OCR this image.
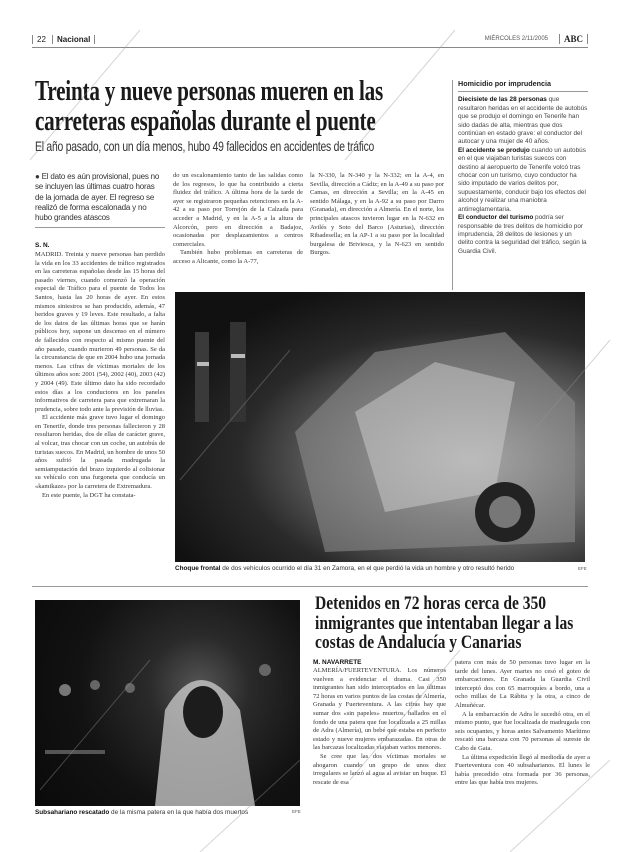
22	Nacional	MIÉRCOLES 2/11/2005	ABC
Treinta y nueve personas mueren en las carreteras españolas durante el puente
El año pasado, con un día menos, hubo 49 fallecidos en accidentes de tráfico
Homicidio por imprudencia

Diecisiete de las 28 personas que resultaron heridas en el accidente de autobús que se produjo el domingo en Tenerife han sido dadas de alta, mientras que dos continúan en estado grave: el conductor del autocar y una mujer de 40 años.

El accidente se produjo cuando un autobús en el que viajaban turistas suecos con destino al aeropuerto de Tenerife volcó tras chocar con un turismo, cuyo conductor ha sido imputado de varios delitos por, supuestamente, conducir bajo los efectos del alcohol y realizar una maniobra antirreglamentaria.

El conductor del turismo podría ser responsable de tres delitos de homicidio por imprudencia, 28 delitos de lesiones y un delito contra la seguridad del tráfico, según la Guardia Civil.

● El dato es aún provisional, pues no se incluyen las últimas cuatro horas de la jornada de ayer. El regreso se realizó de forma escalonada y no hubo grandes atascos
S. N.

MADRID. Treinta y nueve personas han perdido la vida en los 33 accidentes de tráfico registrados en las carreteras españolas desde las 15 horas del pasado viernes, cuando comenzó la operación especial de Tráfico para el puente de Todos los Santos, hasta las 20 horas de ayer. En estos mismos siniestros se han producido, además, 47 heridos graves y 19 leves. Este resultado, a falta de los datos de las últimas horas que se harán públicos hoy, supone un descenso en el número de fallecidos con respecto al mismo puente del año pasado, cuando murieron 49 personas. Se da la circunstancia de que en 2004 hubo una jornada menos. Las cifras de víctimas mortales de los últimos años son: 2001 (54), 2002 (40), 2003 (42) y 2004 (49). Este último dato ha sido recordado estos días a los conductores en los paneles informativos de carretera para que extremaran la prudencia, sobre todo ante la previsión de lluvias.

El accidente más grave tuvo lugar el domingo en Tenerife, donde tres personas fallecieron y 28 resultaron heridas, dos de ellas de carácter grave, al volcar, tras chocar con un coche, un autobús de turistas suecos. En Madrid, un hombre de unos 50 años sufrió la pasada madrugada la semiamputación del brazo izquierdo al colisionar su vehículo con una furgoneta que conducía un «kamikaze» por la carretera de Extremadura.

En este puente, la DGT ha constata-

do un escalonamiento tanto de las salidas como de los regresos, lo que ha contribuido a cierta fluidez del tráfico. A última hora de la tarde de ayer se registraron pequeñas retenciones en la A-42 a su paso por Torrejón de la Calzada para acceder a Madrid, y en la A-5 a la altura de Alcorcón, pero en dirección a Badajoz, ocasionadas por desplazamientos a centros comerciales.

También hubo problemas en carreteras de acceso a Alicante, como la A-77,

la N-330, la N-340 y la N-332; en la A-4, en Sevilla, dirección a Cádiz; en la A-49 a su paso por Camas, en dirección a Sevilla; en la A-45 en sentido Málaga, y en la A-92 a su paso por Darro (Granada), en dirección a Almería. En el norte, los principales atascos tuvieron lugar en la N-632 en Avilés y Soto del Barco (Asturias), dirección Ribadesella; en la AP-1 a su paso por la localidad burgalesa de Briviesca, y la N-623 en sentido Burgos.

Choque frontal de dos vehículos ocurrido el día 31 en Zamora, en el que perdió la vida un hombre y otro resultó herido	EFE
Subsahariano rescatado de la misma patera en la que había dos muertos	EFE
Detenidos en 72 horas cerca de 350 inmigrantes que intentaban llegar a las costas de Andalucía y Canarias
M. NAVARRETE

ALMERÍA/FUERTEVENTURA. Los números vuelven a evidenciar el drama. Casi 350 inmigrantes han sido interceptados en las últimas 72 horas en varios puntos de las costas de Almería, Granada y Fuerteventura. A las cifras hay que sumar dos «sin papeles» muertos, hallados en el fondo de una patera que fue localizada a 25 millas de Adra (Almería), un bebé que estaba en perfecto estado y nueve mujeres embarazadas. En otras de las barcazas localizadas viajaban varios menores.

Se cree que las dos víctimas mortales se ahogaron cuando un grupo de unos diez irregulares se lanzó al agua al avistar un buque. El rescate de esa

patera con más de 50 personas tuvo lugar en la tarde del lunes. Ayer martes no cesó el goteo de embarcaciones. En Granada la Guardia Civil interceptó dos con 65 marroquíes a bordo, una a ocho millas de La Rábita y la otra, a cinco de Almuñécar.

A la embarcación de Adra le sucedió otra, en el mismo punto, que fue localizada de madrugada con seis ocupantes, y horas antes Salvamento Marítimo rescató una barcaza con 70 personas al sureste de Cabo de Gata.

La última expedición llegó al mediodía de ayer a Fuerteventura con 40 subsaharianos. El lunes le había precedido otra formada por 36 personas, entre las que había tres mujeres.
